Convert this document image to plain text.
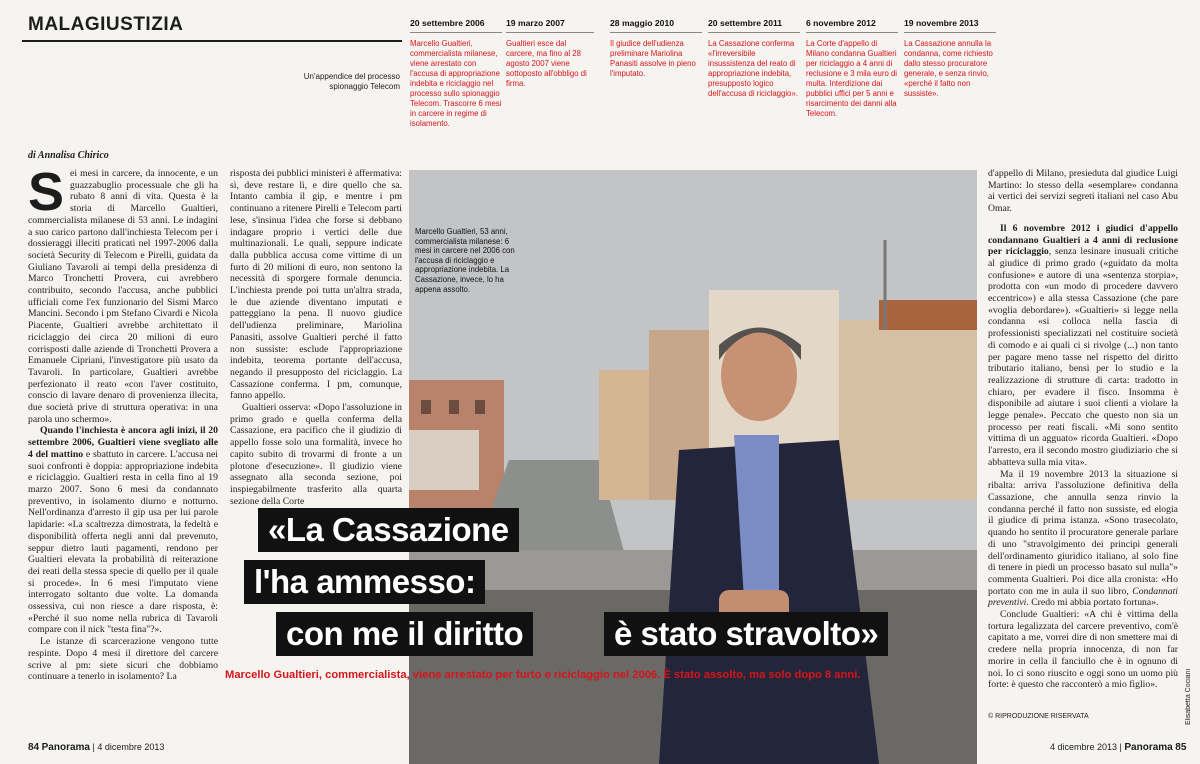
MALAGIUSTIZIA
Un'appendice del processo spionaggio Telecom
20 settembre 2006
Marcello Gualtieri, commercialista milanese, viene arrestato con l'accusa di appropriazione indebita e riciclaggio nel processo sullo spionaggio Telecom. Trascorre 6 mesi in carcere in regime di isolamento.
19 marzo 2007
Gualtieri esce dal carcere, ma fino al 28 agosto 2007 viene sottoposto all'obbligo di firma.
28 maggio 2010
Il giudice dell'udienza preliminare Mariolina Panasiti assolve in pieno l'imputato.
20 settembre 2011
La Cassazione conferma «l'irreversibile insussistenza del reato di appropriazione indebita, presupposto logico dell'accusa di riciclaggio».
6 novembre 2012
La Corte d'appello di Milano condanna Gualtieri per riciclaggio a 4 anni di reclusione e 3 mila euro di multa. Interdizione dai pubblici uffici per 5 anni e risarcimento dei danni alla Telecom.
19 novembre 2013
La Cassazione annulla la condanna, come richiesto dallo stesso procuratore generale, e senza rinvio, «perché il fatto non sussiste».
di Annalisa Chirico

Sei mesi in carcere, da innocente, e un guazzabuglio processuale che gli ha rubato 8 anni di vita. Questa è la storia di Marcello Gualtieri, commercialista milanese di 53 anni. Le indagini a suo carico partono dall'inchiesta Telecom per i dossieraggi illeciti praticati nel 1997-2006 dalla società Security di Telecom e Pirelli, guidata da Giuliano Tavaroli ai tempi della presidenza di Marco Tronchetti Provera, cui avrebbero contribuito, secondo l'accusa, anche pubblici ufficiali come l'ex funzionario del Sismi Marco Mancini. Secondo i pm Stefano Civardi e Nicola Piacente, Gualtieri avrebbe architettato il riciclaggio dei circa 20 milioni di euro corrisposti dalle aziende di Tronchetti Provera a Emanuele Cipriani, l'investigatore più usato da Tavaroli. In particolare, Gualtieri avrebbe perfezionato il reato «con l'aver costituito, conscio di lavare denaro di provenienza illecita, due società prive di struttura operativa: in una parola uno schermo».

Quando l'inchiesta è ancora agli inizi, il 20 settembre 2006, Gualtieri viene svegliato alle 4 del mattino e sbattuto in carcere. L'accusa nei suoi confronti è doppia: appropriazione indebita e riciclaggio. Gualtieri resta in cella fino al 19 marzo 2007. Sono 6 mesi da condannato preventivo, in isolamento diurno e notturno. Nell'ordinanza d'arresto il gip usa per lui parole lapidarie: «La scaltrezza dimostrata, la fedeltà e disponibilità offerta negli anni dal prevenuto, seppur dietro lauti pagamenti, rendono per Gualtieri elevata la probabilità di reiterazione dei reati della stessa specie di quello per il quale si procede». In 6 mesi l'imputato viene interrogato soltanto due volte. La domanda ossessiva, cui non riesce a dare risposta, è: «Perché il suo nome nella rubrica di Tavaroli compare con il nick "testa fina"?».

Le istanze di scarcerazione vengono tutte respinte. Dopo 4 mesi il direttore del carcere scrive al pm: siete sicuri che dobbiamo continuare a tenerlo in isolamento? La

risposta dei pubblici ministeri è affermativa: sì, deve restare lì, e dire quello che sa. Intanto cambia il gip, e mentre i pm continuano a ritenere Pirelli e Telecom parti lese, s'insinua l'idea che forse si debbano indagare proprio i vertici delle due multinazionali. Le quali, seppure indicate dalla pubblica accusa come vittime di un furto di 20 milioni di euro, non sentono la necessità di sporgere formale denuncia. L'inchiesta prende poi tutta un'altra strada, le due aziende diventano imputati e patteggiano la pena. Il nuovo giudice dell'udienza preliminare, Mariolina Panasiti, assolve Gualtieri perché il fatto non sussiste: esclude l'appropriazione indebita, teorema portante dell'accusa, negando il presupposto del riciclaggio. La Cassazione conferma. I pm, comunque, fanno appello.

Gualtieri osserva: «Dopo l'assoluzione in primo grado e quella conferma della Cassazione, era pacifico che il giudizio di appello fosse solo una formalità, invece ho capito subito di trovarmi di fronte a un plotone d'esecuzione». Il giudizio viene assegnato alla seconda sezione, poi inspiegabilmente trasferito alla quarta sezione della Corte

Marcello Gualtieri, 53 anni, commercialista milanese: 6 mesi in carcere nel 2006 con l'accusa di riciclaggio e appropriazione indebita. La Cassazione, invece, lo ha appena assolto.
«La Cassazione
l'ha ammesso:
con me il diritto	è stato stravolto»
Marcello Gualtieri, commercialista, viene arrestato per furto e riciclaggio nel 2006. È stato assolto, ma solo dopo 8 anni.

d'appello di Milano, presieduta dal giudice Luigi Martino: lo stesso della «esemplare» condanna ai vertici dei servizi segreti italiani nel caso Abu Omar.

Il 6 novembre 2012 i giudici d'appello condannano Gualtieri a 4 anni di reclusione per riciclaggio, senza lesinare inusuali critiche al giudice di primo grado («guidato da molta confusione» e autore di una «sentenza storpia», prodotta con «un modo di procedere davvero eccentrico») e alla stessa Cassazione (che pare «voglia debordare»). «Gualtieri» si legge nella condanna «si colloca nella fascia di professionisti specializzati nel costituire società di comodo e ai quali ci si rivolge (...) non tanto per pagare meno tasse nel rispetto del diritto tributario italiano, bensì per lo studio e la realizzazione di strutture di carta: tradotto in chiaro, per evadere il fisco. Insomma è disponibile ad aiutare i suoi clienti a violare la legge penale». Peccato che questo non sia un processo per reati fiscali. «Mi sono sentito vittima di un agguato» ricorda Gualtieri. «Dopo l'arresto, era il secondo mostro giudiziario che si abbatteva sulla mia vita».

Ma il 19 novembre 2013 la situazione si ribalta: arriva l'assoluzione definitiva della Cassazione, che annulla senza rinvio la condanna perché il fatto non sussiste, ed elogia il giudice di prima istanza. «Sono trasecolato, quando ho sentito il procuratore generale parlare di uno "stravolgimento dei principi generali dell'ordinamento giuridico italiano, al solo fine di tenere in piedi un processo basato sul nulla"» commenta Gualtieri. Poi dice alla cronista: «Ho portato con me in aula il suo libro, Condannati preventivi. Credo mi abbia portato fortuna».

Conclude Gualtieri: «A chi è vittima della tortura legalizzata del carcere preventivo, com'è capitato a me, vorrei dire di non smettere mai di credere nella propria innocenza, di non far morire in cella il fanciullo che è in ognuno di noi. Io ci sono riuscito e oggi sono un uomo più forte: è questo che racconterò a mio figlio».

© RIPRODUZIONE RISERVATA	Elisabetta Cociani
84 Panorama | 4 dicembre 2013	4 dicembre 2013 | Panorama 85
